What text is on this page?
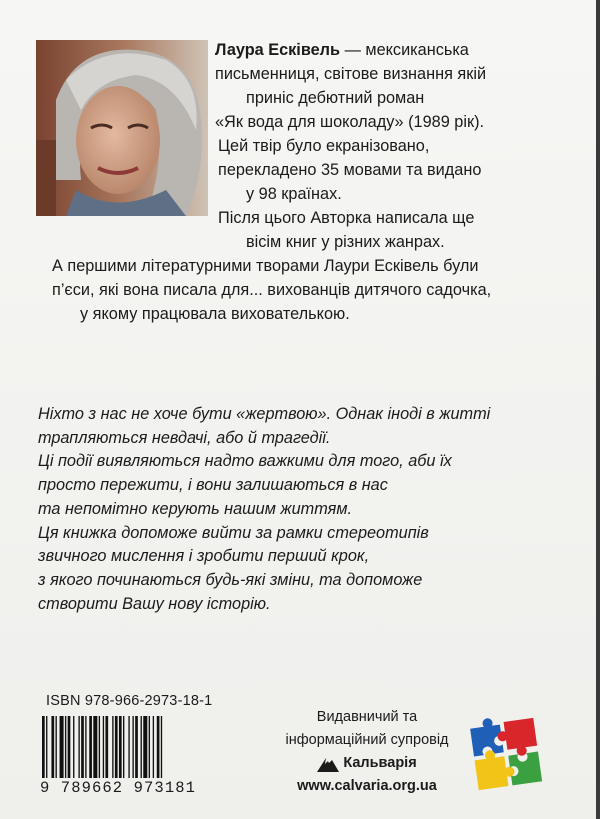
Лаура Есківель — мексиканська
письменниця, світове визнання якій
приніс дебютний роман
«Як вода для шоколаду» (1989 рік).
Цей твір було екранізовано,
перекладено 35 мовами та видано
у 98 країнах.
Після цього Авторка написала ще
вісім книг у різних жанрах.
А першими літературними творами Лаури Есківель були
п’єси, які вона писала для... вихованців дитячого садочка,
у якому працювала вихователькою.
Ніхто з нас не хоче бути «жертвою». Однак іноді в житті
трапляються невдачі, або й трагедії.
Ці події виявляються надто важкими для того, аби їх
просто пережити, і вони залишаються в нас
та непомітно керують нашим життям.
Ця книжка допоможе вийти за рамки стереотипів
звичного мислення і зробити перший крок,
з якого починаються будь-які зміни, та допоможе
створити Вашу нову історію.
ISBN 978-966-2973-18-1
9 789662 973181
Видавничий та
інформаційний супровід
Кальварія
www.calvaria.org.ua
